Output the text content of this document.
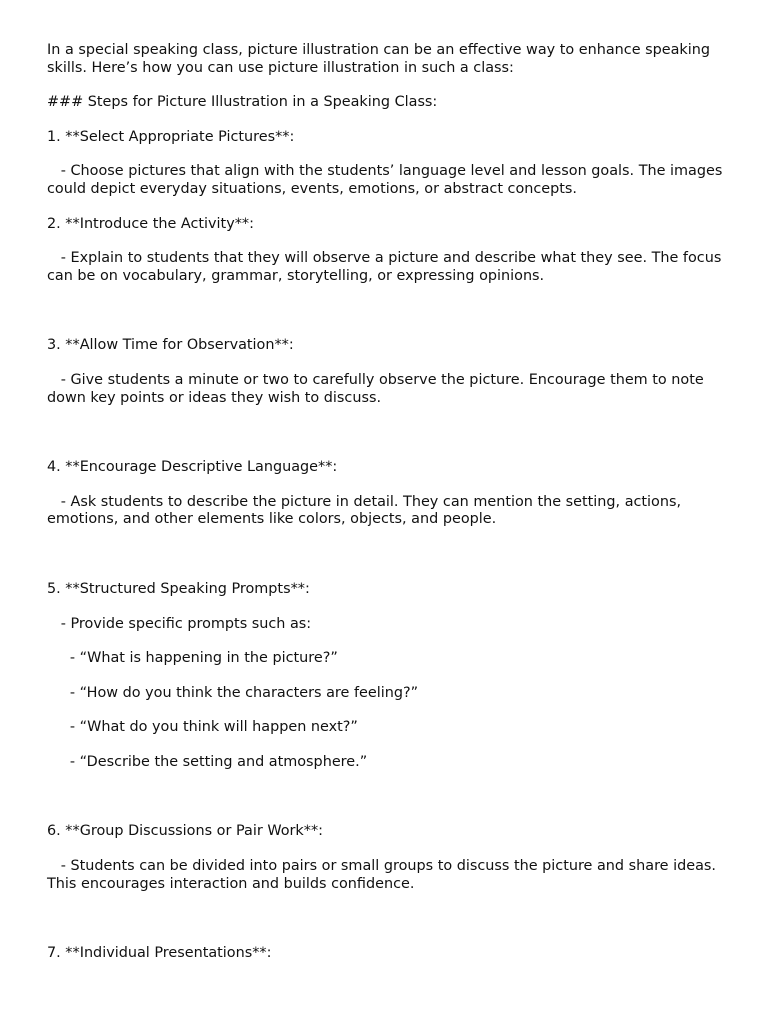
In a special speaking class, picture illustration can be an effective way to enhance speaking skills. Here’s how you can use picture illustration in such a class:

### Steps for Picture Illustration in a Speaking Class:

1. **Select Appropriate Pictures**:

- Choose pictures that align with the students’ language level and lesson goals. The images could depict everyday situations, events, emotions, or abstract concepts.

2. **Introduce the Activity**:

- Explain to students that they will observe a picture and describe what they see. The focus can be on vocabulary, grammar, storytelling, or expressing opinions.

3. **Allow Time for Observation**:

- Give students a minute or two to carefully observe the picture. Encourage them to note down key points or ideas they wish to discuss.

4. **Encourage Descriptive Language**:

- Ask students to describe the picture in detail. They can mention the setting, actions, emotions, and other elements like colors, objects, and people.

5. **Structured Speaking Prompts**:

- Provide specific prompts such as:

- “What is happening in the picture?”

- “How do you think the characters are feeling?”

- “What do you think will happen next?”

- “Describe the setting and atmosphere.”

6. **Group Discussions or Pair Work**:

- Students can be divided into pairs or small groups to discuss the picture and share ideas. This encourages interaction and builds confidence.

7. **Individual Presentations**:
